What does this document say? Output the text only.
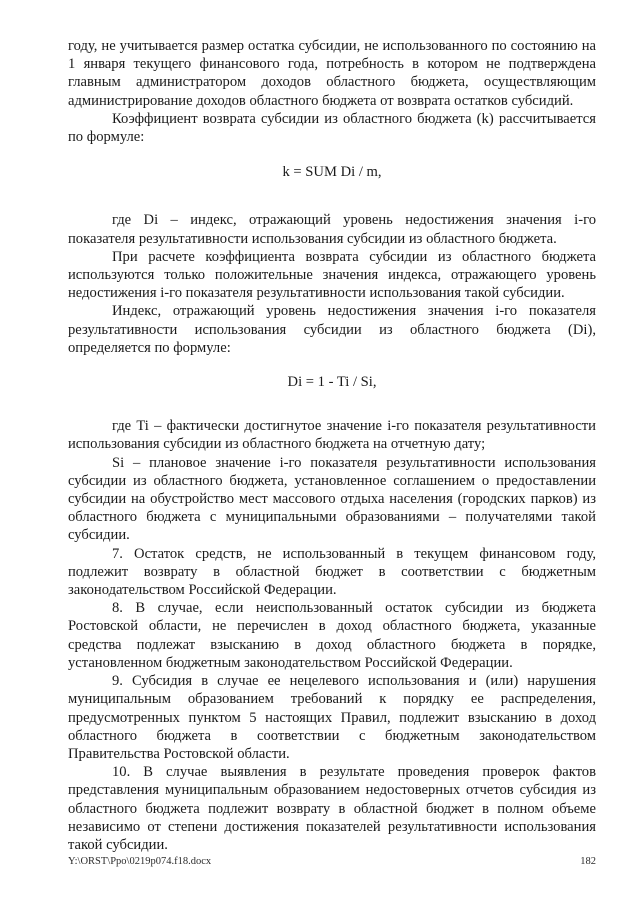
году, не учитывается размер остатка субсидии, не использованного по состоянию на 1 января текущего финансового года, потребность в котором не подтверждена главным администратором доходов областного бюджета, осуществляющим администрирование доходов областного бюджета от возврата остатков субсидий.

Коэффициент возврата субсидии из областного бюджета (k) рассчитывается по формуле:

k = SUM Di / m,

где Di – индекс, отражающий уровень недостижения значения i-го показателя результативности использования субсидии из областного бюджета.

При расчете коэффициента возврата субсидии из областного бюджета используются только положительные значения индекса, отражающего уровень недостижения i-го показателя результативности использования такой субсидии.

Индекс, отражающий уровень недостижения значения i-го показателя результативности использования субсидии из областного бюджета (Di), определяется по формуле:

Di = 1 - Ti / Si,

где Ti – фактически достигнутое значение i-го показателя результативности использования субсидии из областного бюджета на отчетную дату;

Si – плановое значение i-го показателя результативности использования субсидии из областного бюджета, установленное соглашением о предоставлении субсидии на обустройство мест массового отдыха населения (городских парков) из областного бюджета с муниципальными образованиями – получателями такой субсидии.

7. Остаток средств, не использованный в текущем финансовом году, подлежит возврату в областной бюджет в соответствии с бюджетным законодательством Российской Федерации.

8. В случае, если неиспользованный остаток субсидии из бюджета Ростовской области, не перечислен в доход областного бюджета, указанные средства подлежат взысканию в доход областного бюджета в порядке, установленном бюджетным законодательством Российской Федерации.

9. Субсидия в случае ее нецелевого использования и (или) нарушения муниципальным образованием требований к порядку ее распределения, предусмотренных пунктом 5 настоящих Правил, подлежит взысканию в доход областного бюджета в соответствии с бюджетным законодательством Правительства Ростовской области.

10. В случае выявления в результате проведения проверок фактов представления муниципальным образованием недостоверных отчетов субсидия из областного бюджета подлежит возврату в областной бюджет в полном объеме независимо от степени достижения показателей результативности использования такой субсидии.

Y:\ORST\Ppo\0219p074.f18.docx	182
